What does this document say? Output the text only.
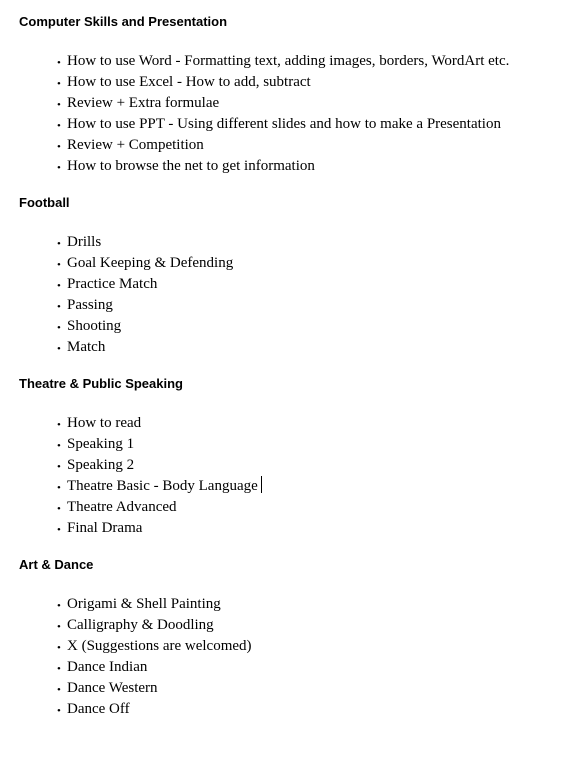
Computer Skills and Presentation
• How to use Word - Formatting text, adding images, borders, WordArt etc.
• How to use Excel - How to add, subtract
• Review + Extra formulae
• How to use PPT - Using different slides and how to make a Presentation
• Review + Competition
• How to browse the net to get information
Football
• Drills
• Goal Keeping & Defending
• Practice Match
• Passing
• Shooting
• Match
Theatre & Public Speaking
• How to read
• Speaking 1
• Speaking 2
• Theatre Basic - Body Language
• Theatre Advanced
• Final Drama
Art & Dance
• Origami & Shell Painting
• Calligraphy & Doodling
• X (Suggestions are welcomed)
• Dance Indian
• Dance Western
• Dance Off
